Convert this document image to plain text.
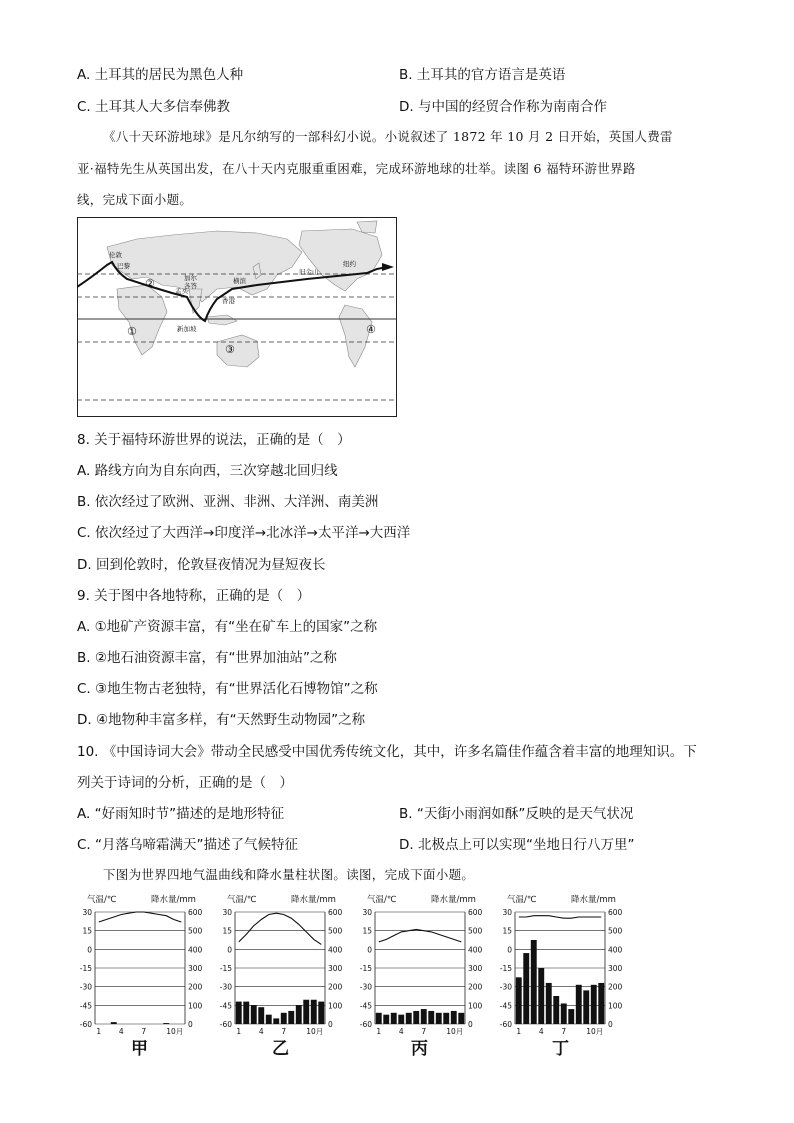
A. 土耳其的居民为黑色人种	B. 土耳其的官方语言是英语
C. 土耳其人大多信奉佛教	D. 与中国的经贸合作称为南南合作
《八十天环游地球》是凡尔纳写的一部科幻小说。小说叙述了 1872 年 10 月 2 日开始，英国人费雷
亚·福特先生从英国出发，在八十天内克服重重困难，完成环游地球的壮举。读图 6 福特环游世界路
线，完成下面小题。
伦敦
巴黎
加尔
各答
孟买
横滨
旧金山
纽约
香港
新加坡
①
②
③
④
8. 关于福特环游世界的说法，正确的是（　）
A. 路线方向为自东向西，三次穿越北回归线
B. 依次经过了欧洲、亚洲、非洲、大洋洲、南美洲
C. 依次经过了大西洋→印度洋→北冰洋→太平洋→大西洋
D. 回到伦敦时，伦敦昼夜情况为昼短夜长
9. 关于图中各地特称，正确的是（　）
A. ①地矿产资源丰富，有“坐在矿车上的国家”之称
B. ②地石油资源丰富，有“世界加油站”之称
C. ③地生物古老独特，有“世界活化石博物馆”之称
D. ④地物种丰富多样，有“天然野生动物园”之称
10. 《中国诗词大会》带动全民感受中国优秀传统文化，其中，许多名篇佳作蕴含着丰富的地理知识。下
列关于诗词的分析，正确的是（　）
A. “好雨知时节”描述的是地形特征	B. “天街小雨润如酥”反映的是天气状况
C. “月落乌啼霜满天”描述了气候特征	D. 北极点上可以实现“坐地日行八万里”
下图为世界四地气温曲线和降水量柱状图。读图，完成下面小题。
气温/℃	降水量/mm
30	600
15	500
0	400
-15	300
-30	200
-45	100
-60	0
1 4 7	10月
气温/℃	降水量/mm
30	600
15	500
0	400
-15	300
-30	200
-45	100
-60	0
1 4 7	10月
气温/℃	降水量/mm
30	600
15	500
0	400
-15	300
-30	200
-45	100
-60	0
1 4 7	10月
气温/℃	降水量/mm
30	600
15	500
0	400
-15	300
-30	200
-45	100
-60	0
1 4 7	10月
甲	乙	丙	丁
